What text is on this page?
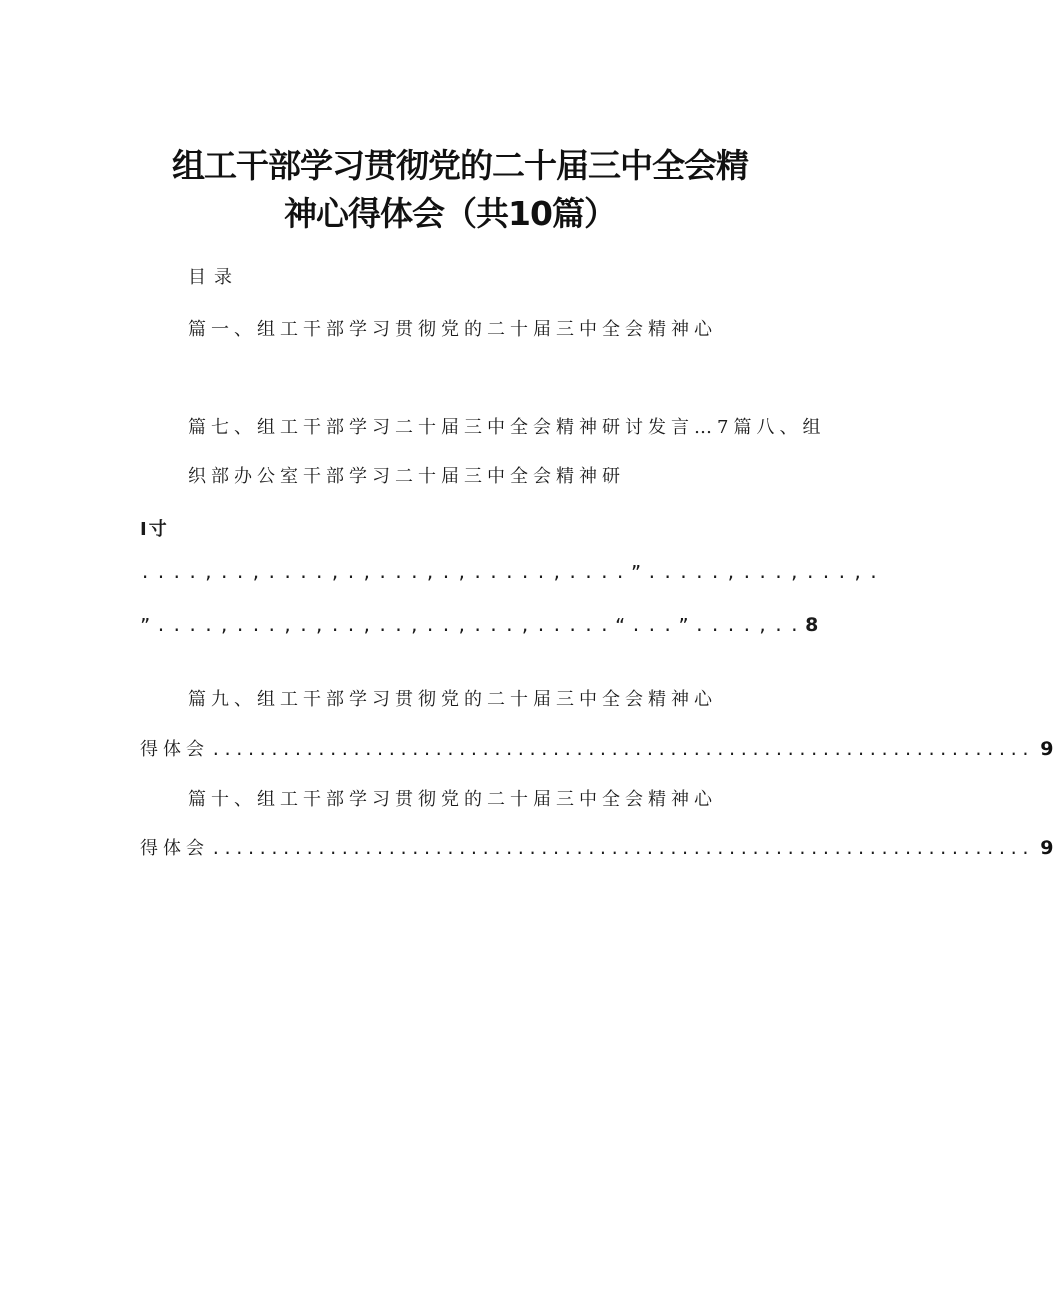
组工干部学习贯彻党的二十届三中全会精
神心得体会（共10篇）

目录

篇一、组工干部学习贯彻党的二十届三中全会精神心

篇七、组工干部学习二十届三中全会精神研讨发言…7篇八、组

织部办公室干部学习二十届三中全会精神研

I寸

....,..,....,.,...,.,.....,....”.....,...,...,.

”....,...,.,..,..,..,...,.....“...”....,..8

篇九、组工干部学习贯彻党的二十届三中全会精神心

得体会 ...................................................................... 9

篇十、组工干部学习贯彻党的二十届三中全会精神心

得体会 ...................................................................... 9
